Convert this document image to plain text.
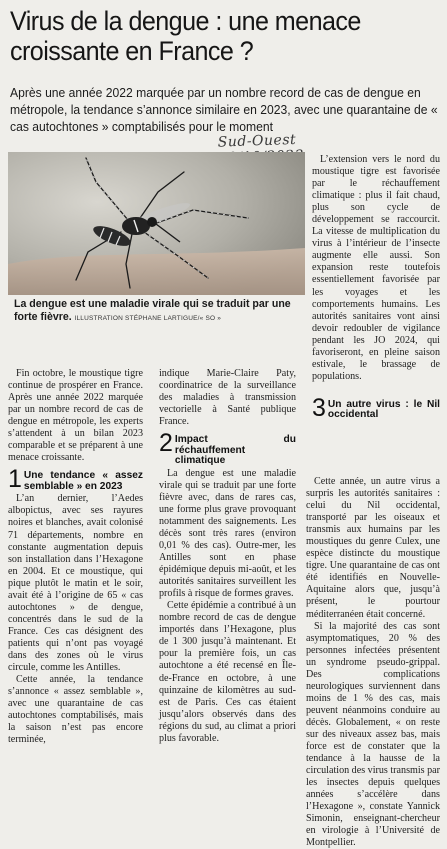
Virus de la dengue : une menace croissante en France ?
Après une année 2022 marquée par un nombre record de cas de dengue en métropole, la tendance s’annonce similaire en 2023, avec une quarantaine de « cas autochtones » comptabilisés pour le moment
Sud-Ouest
La dengue est une maladie virale qui se traduit par une forte fièvre. ILLUSTRATION STÉPHANE LARTIGUE/« SO »

Fin octobre, le moustique tigre continue de prospérer en France. Après une année 2022 marquée par un nombre record de cas de dengue en métropole, les experts s’attendent à un bilan 2023 comparable et se préparent à une menace croissante.

1 Une tendance « assez semblable » en 2023

L’an dernier, l’Aedes albopictus, avec ses rayures noires et blanches, avait colonisé 71 départements, nombre en constante augmentation depuis son installation dans l’Hexagone en 2004. Et ce moustique, qui pique plutôt le matin et le soir, avait été à l’origine de 65 « cas autochtones » de dengue, concentrés dans le sud de la France. Ces cas désignent des patients qui n’ont pas voyagé dans des zones où le virus circule, comme les Antilles.

Cette année, la tendance s’annonce « assez semblable », avec une quarantaine de cas autochtones comptabilisés, mais la saison n’est pas encore terminée,

indique Marie-Claire Paty, coordinatrice de la surveillance des maladies à transmission vectorielle à Santé publique France.

2 Impact du réchauffement climatique

La dengue est une maladie virale qui se traduit par une forte fièvre avec, dans de rares cas, une forme plus grave provoquant notamment des saignements. Les décès sont très rares (environ 0,01 % des cas). Outre-mer, les Antilles sont en phase épidémique depuis mi-août, et les autorités sanitaires surveillent les profils à risque de formes graves.

Cette épidémie a contribué à un nombre record de cas de dengue importés dans l’Hexagone, plus de 1 300 jusqu’à maintenant. Et pour la première fois, un cas autochtone a été recensé en Île-de-France en octobre, à une quinzaine de kilomètres au sud-est de Paris. Ces cas étaient jusqu’alors observés dans des régions du sud, au climat a priori plus favorable.

L’extension vers le nord du moustique tigre est favorisée par le réchauffement climatique : plus il fait chaud, plus son cycle de développement se raccourcit. La vitesse de multiplication du virus à l’intérieur de l’insecte augmente elle aussi. Son expansion reste toutefois essentiellement favorisée par les voyages et les comportements humains. Les autorités sanitaires vont ainsi devoir redoubler de vigilance pendant les JO 2024, qui favoriseront, en pleine saison estivale, le brassage de populations.

3 Un autre virus : le Nil occidental

Cette année, un autre virus a surpris les autorités sanitaires : celui du Nil occidental, transporté par les oiseaux et transmis aux humains par les moustiques du genre Culex, une espèce distincte du moustique tigre. Une quarantaine de cas ont été identifiés en Nouvelle-Aquitaine alors que, jusqu’à présent, le pourtour méditerranéen était concerné.

Si la majorité des cas sont asymptomatiques, 20 % des personnes infectées présentent un syndrome pseudo-grippal. Des complications neurologiques surviennent dans moins de 1 % des cas, mais peuvent néanmoins conduire au décès. Globalement, « on reste sur des niveaux assez bas, mais force est de constater que la tendance à la hausse de la circulation des virus transmis par les insectes depuis quelques années s’accélère dans l’Hexagone », constate Yannick Simonin, enseignant-chercheur en virologie à l’Université de Montpellier.
